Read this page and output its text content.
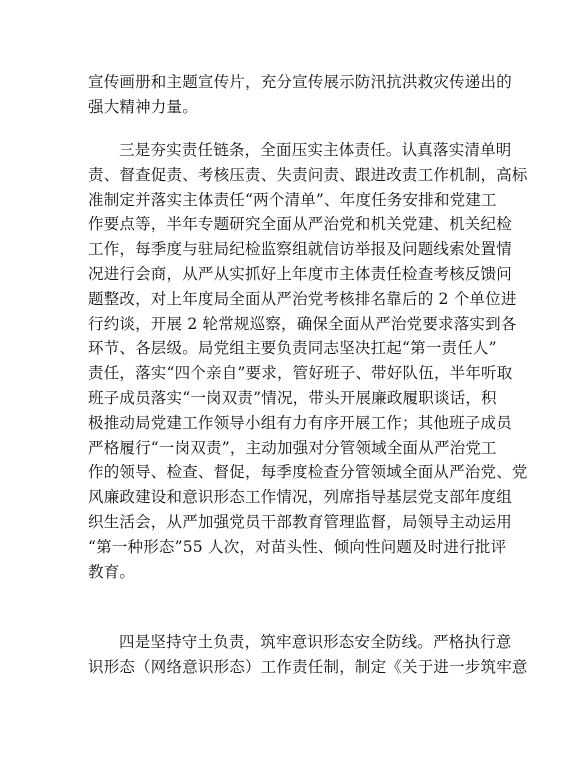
宣传画册和主题宣传片，充分宣传展示防汛抗洪救灾传递出的
强大精神力量。
三是夯实责任链条，全面压实主体责任。认真落实清单明
责、督查促责、考核压责、失责问责、跟进改责工作机制，高标
准制定并落实主体责任“两个清单”、年度任务安排和党建工
作要点等，半年专题研究全面从严治党和机关党建、机关纪检
工作，每季度与驻局纪检监察组就信访举报及问题线索处置情
况进行会商，从严从实抓好上年度市主体责任检查考核反馈问
题整改，对上年度局全面从严治党考核排名靠后的 2 个单位进
行约谈，开展 2 轮常规巡察，确保全面从严治党要求落实到各
环节、各层级。局党组主要负责同志坚决扛起“第一责任人”
责任，落实“四个亲自”要求，管好班子、带好队伍，半年听取
班子成员落实“一岗双责”情况，带头开展廉政履职谈话，积
极推动局党建工作领导小组有力有序开展工作；其他班子成员
严格履行“一岗双责”，主动加强对分管领域全面从严治党工
作的领导、检查、督促，每季度检查分管领域全面从严治党、党
风廉政建设和意识形态工作情况，列席指导基层党支部年度组
织生活会，从严加强党员干部教育管理监督，局领导主动运用
“第一种形态”55 人次，对苗头性、倾向性问题及时进行批评
教育。
四是坚持守土负责，筑牢意识形态安全防线。严格执行意
识形态（网络意识形态）工作责任制，制定《关于进一步筑牢意
